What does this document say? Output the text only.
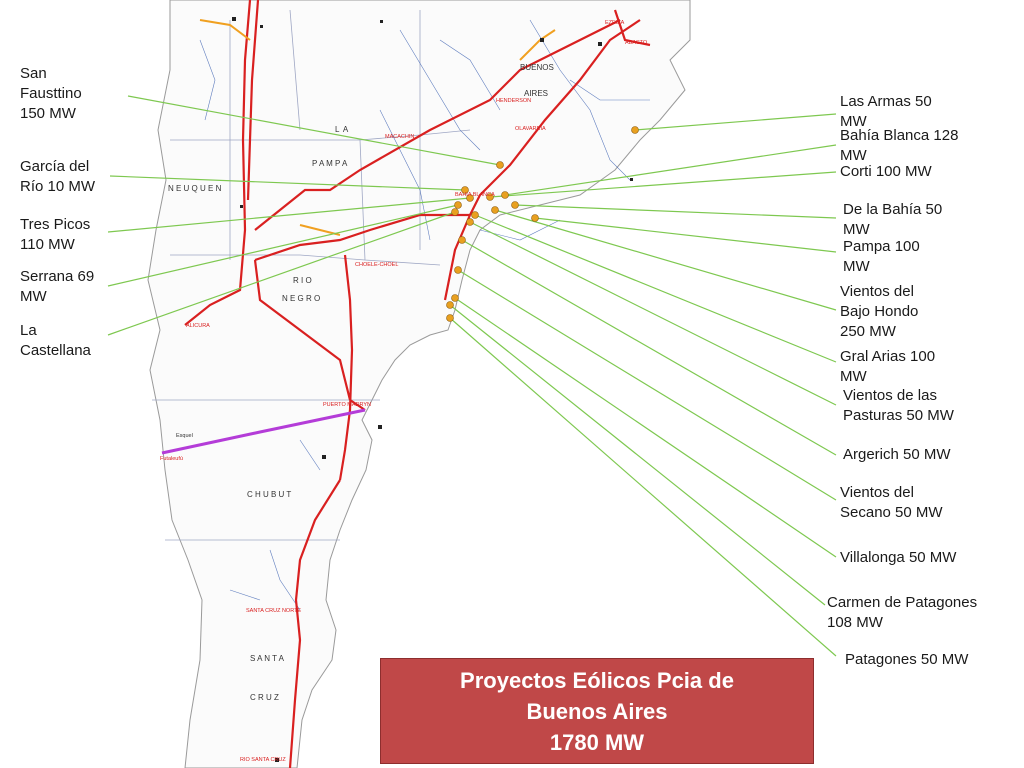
L A
P A M P A
N E U Q U E N
R I O
N E G R O
C H U B U T
S A N T A
C R U Z
BUENOS
AIRES
HENDERSON
OLAVARRIA
MACACHIN
BAHIA BLANCA
PUERTO MADRYN
ALICURA
CHOELE-CHOEL
SANTA CRUZ NORTE
RIO SANTA CRUZ
Futaleufú
EZEIZA
ABASTO
Esquel
San
Fausttino
150 MW
García del
Río 10 MW
Tres Picos
110 MW
Serrana 69
MW
La
Castellana
Las Armas 50
MW
Bahía Blanca 128
MW
Corti 100 MW
De la Bahía 50
MW
Pampa 100
MW
Vientos del
Bajo Hondo
250 MW
Gral Arias 100
MW
Vientos de las
Pasturas 50 MW
Argerich 50 MW
Vientos del
Secano 50 MW
Villalonga 50 MW
Carmen de Patagones
108 MW
Patagones 50 MW
Proyectos Eólicos Pcia de
Buenos Aires
1780 MW
